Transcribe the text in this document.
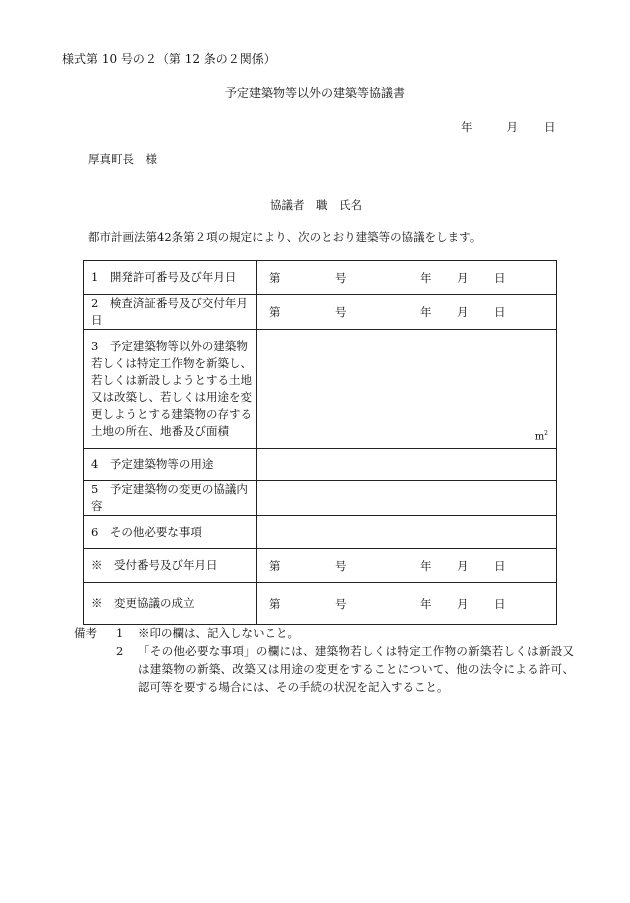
様式第 10 号の２（第 12 条の２関係）
予定建築物等以外の建築等協議書
年	月 日
厚真町長　様
協議者　職　氏名
都市計画法第42条第２項の規定により、次のとおり建築等の協議をします。
1　開発許可番号及び年月日	第 号 年 月 日

2　検査済証番号及び交付年月日	第 号 年 月 日

3　予定建築物等以外の建築物若しくは特定工作物を新築し、若しくは新設しようとする土地又は改築し、若しくは用途を変更しようとする建築物の存する土地の所在、地番及び面積	$m^2$

4　予定建築物等の用途	
5　予定建築物の変更の協議内容	
6　その他必要な事項	
※　受付番号及び年月日	第 号 年 月 日

※　変更協議の成立	第 号 年 月 日
備考	1	※印の欄は、記入しないこと。
2	「その他必要な事項」の欄には、建築物若しくは特定工作物の新築若しくは新設又は建築物の新築、改築又は用途の変更をすることについて、他の法令による許可、認可等を要する場合には、その手続の状況を記入すること。
